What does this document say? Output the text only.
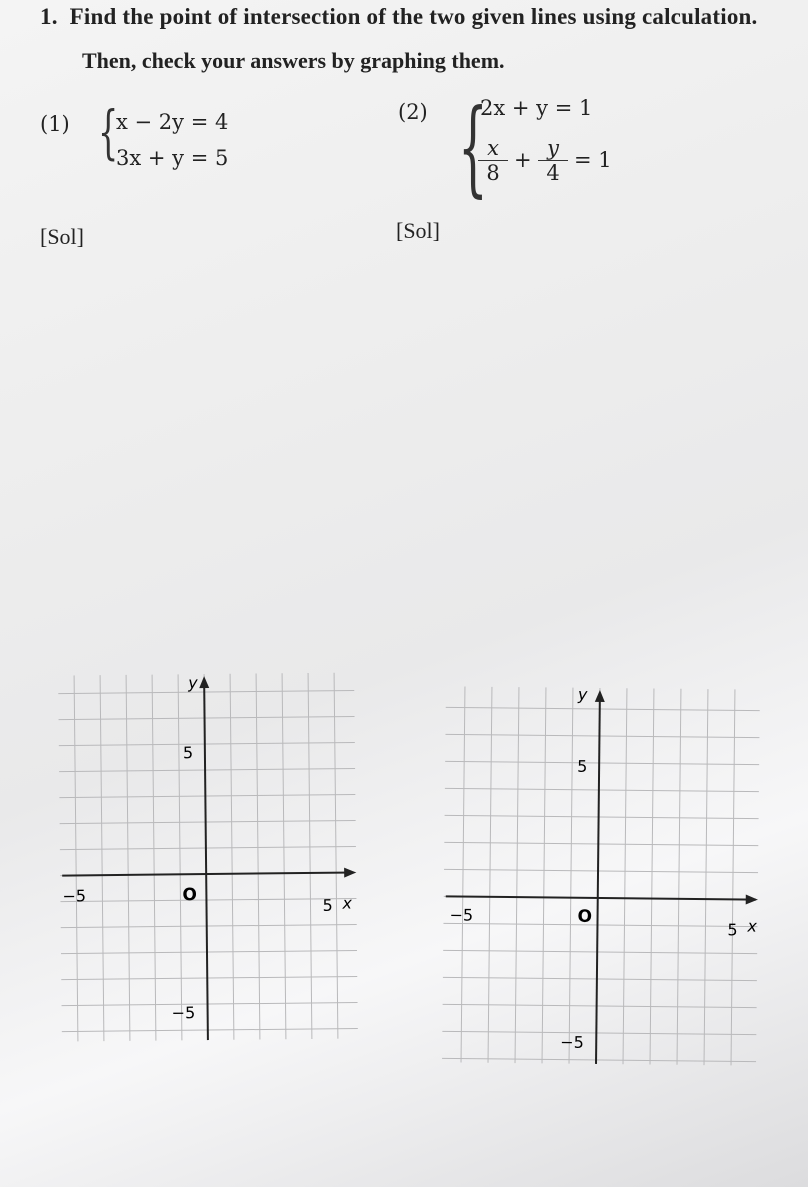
1. Find the point of intersection of the two given lines using calculation.
Then, check your answers by graphing them.
(1) {
x − 2y = 4
3x + y = 5
(2) {
2x + y = 1
$\frac{x}{8} + \frac{y}{4} = 1$
[Sol]	[Sol]
y
x
O
5
5
−5
−5
y
x
O
5
5
−5
−5
